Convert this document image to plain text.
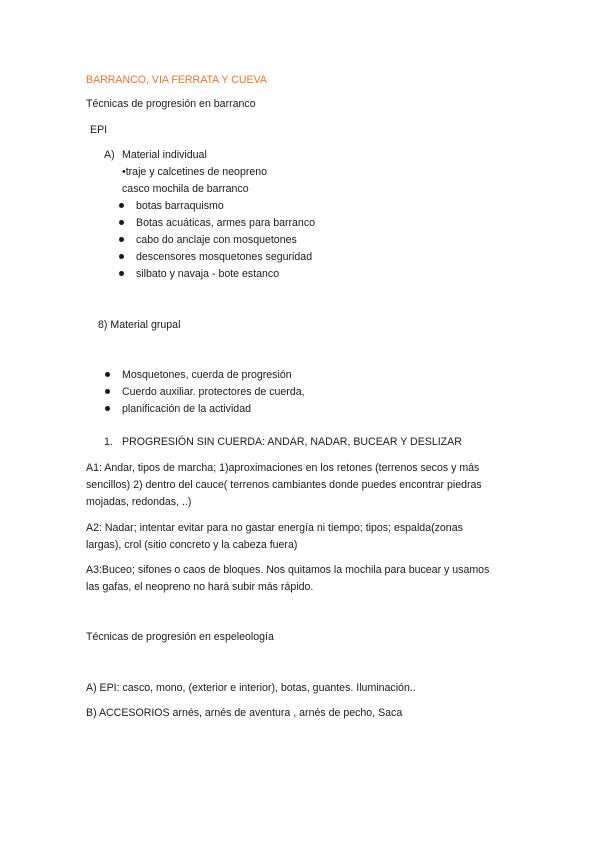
BARRANCO, VIA FERRATA Y CUEVA
Técnicas de progresión en barranco
EPI
A) Material individual
•traje y calcetines de neopreno
casco mochila de barranco
botas barraquismo
Botas acuáticas, armes para barranco
cabo do anclaje con mosquetones
descensores mosquetones seguridad
silbato y navaja - bote estanco
8) Material grupal
Mosquetones, cuerda de progresión
Cuerdo auxiliar. protectores de cuerda,
planificación de la actividad
1. PROGRESIÓN SIN CUERDA: ANDAR, NADAR, BUCEAR Y DESLIZAR
A1: Andar, tipos de marcha; 1)aproximaciones en los retones (terrenos secos y más
sencillos) 2) dentro del cauce( terrenos cambiantes donde puedes encontrar piedras
mojadas, redondas, ..)
A2: Nadar; intentar evitar para no gastar energía ni tiempo; tipos; espalda(zonas
largas), crol (sitio concreto y la cabeza fuera)
A3:Buceo; sifones o caos de bloques. Nos quitamos la mochila para bucear y usamos
las gafas, el neopreno no hará subir más rápido.
Técnicas de progresión en espeleología
A) EPI: casco, mono, (exterior e interior), botas, guantes. Iluminación..
B) ACCESORIOS arnés, arnés de aventura , arnés de pecho, Saca
